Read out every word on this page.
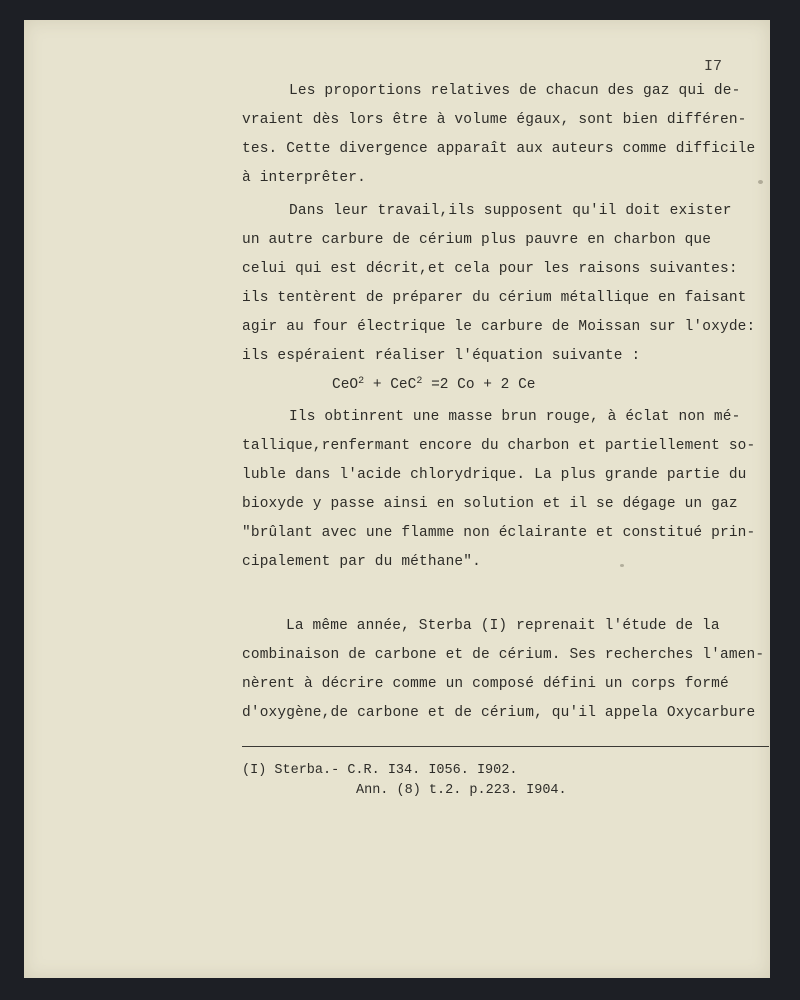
I7
Les proportions relatives de chacun des gaz qui de-
vraient dès lors être à volume égaux, sont bien différen-
tes. Cette divergence apparaît aux auteurs comme difficile
à interprêter.
Dans leur travail,ils supposent qu'il doit exister
un autre carbure de cérium plus pauvre en charbon que
celui qui est décrit,et cela pour les raisons suivantes:
ils tentèrent de préparer du cérium métallique en faisant
agir au four électrique le carbure de Moissan sur l'oxyde:
ils espéraient réaliser l'équation suivante :
CeO$^2$ + CeC$^2$ =2 Co + 2 Ce
Ils obtinrent une masse brun rouge, à éclat non mé-
tallique,renfermant encore du charbon et partiellement so-
luble dans l'acide chlorydrique. La plus grande partie du
bioxyde y passe ainsi en solution et il se dégage un gaz
"brûlant avec une flamme non éclairante et constitué prin-
cipalement par du méthane".
La même année, Sterba (I) reprenait l'étude de la
combinaison de carbone et de cérium. Ses recherches l'amen-
nèrent à décrire comme un composé défini un corps formé
d'oxygène,de carbone et de cérium, qu'il appela Oxycarbure
(I) Sterba.- C.R. I34. I056. I902.
Ann. (8) t.2. p.223. I904.
